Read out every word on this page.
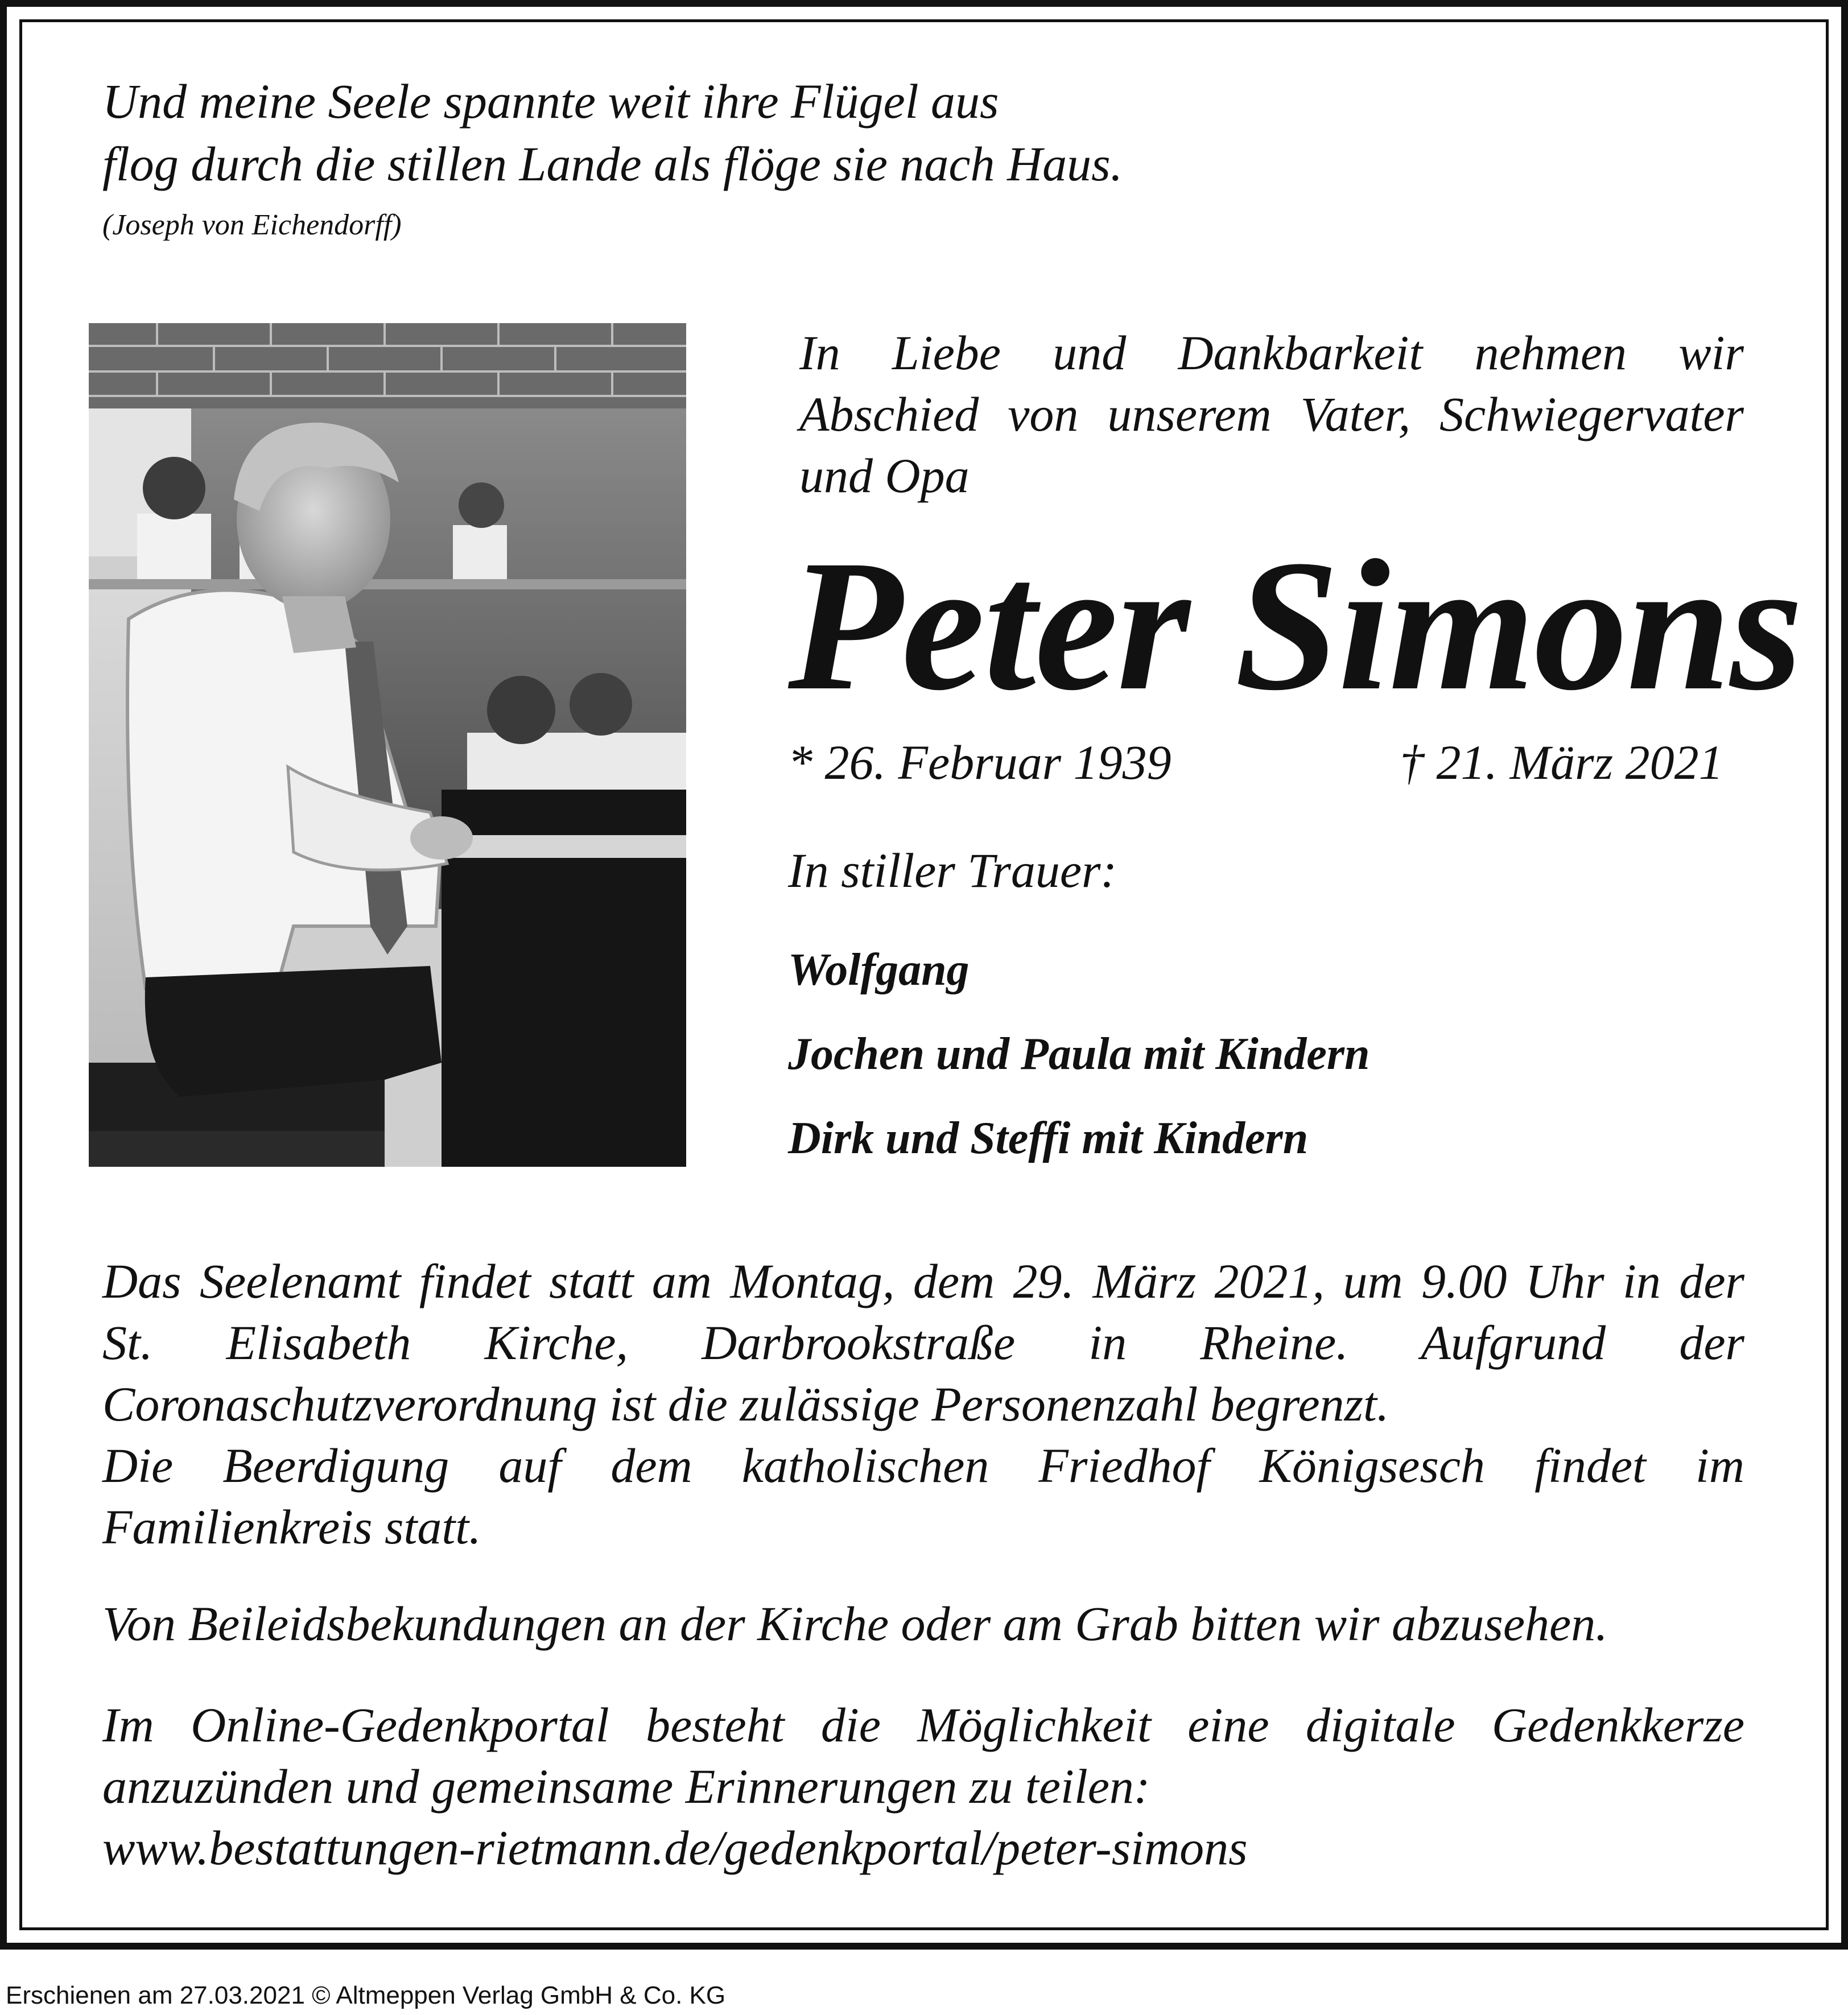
Und meine Seele spannte weit ihre Flügel aus

flog durch die stillen Lande als flöge sie nach Haus.

(Joseph von Eichendorff)

In Liebe und Dankbarkeit nehmen wir
Abschied von unserem Vater, Schwiegervater
und Opa
Peter Simons

* 26. Februar 1939	† 21. März 2021

In stiller Trauer:

Wolfgang

Jochen und Paula mit Kindern

Dirk und Steffi mit Kindern

Das Seelenamt findet statt am Montag, dem 29. März 2021, um 9.00 Uhr in der
St. Elisabeth Kirche, Darbrookstraße in Rheine. Aufgrund der
Coronaschutzverordnung ist die zulässige Personenzahl begrenzt.
Die Beerdigung auf dem katholischen Friedhof Königsesch findet im
Familienkreis statt.

Von Beileidsbekundungen an der Kirche oder am Grab bitten wir abzusehen.

Im Online-Gedenkportal besteht die Möglichkeit eine digitale Gedenkkerze
anzuzünden und gemeinsame Erinnerungen zu teilen:
www.bestattungen-rietmann.de/gedenkportal/peter-simons

Erschienen am 27.03.2021 © Altmeppen Verlag GmbH & Co. KG
